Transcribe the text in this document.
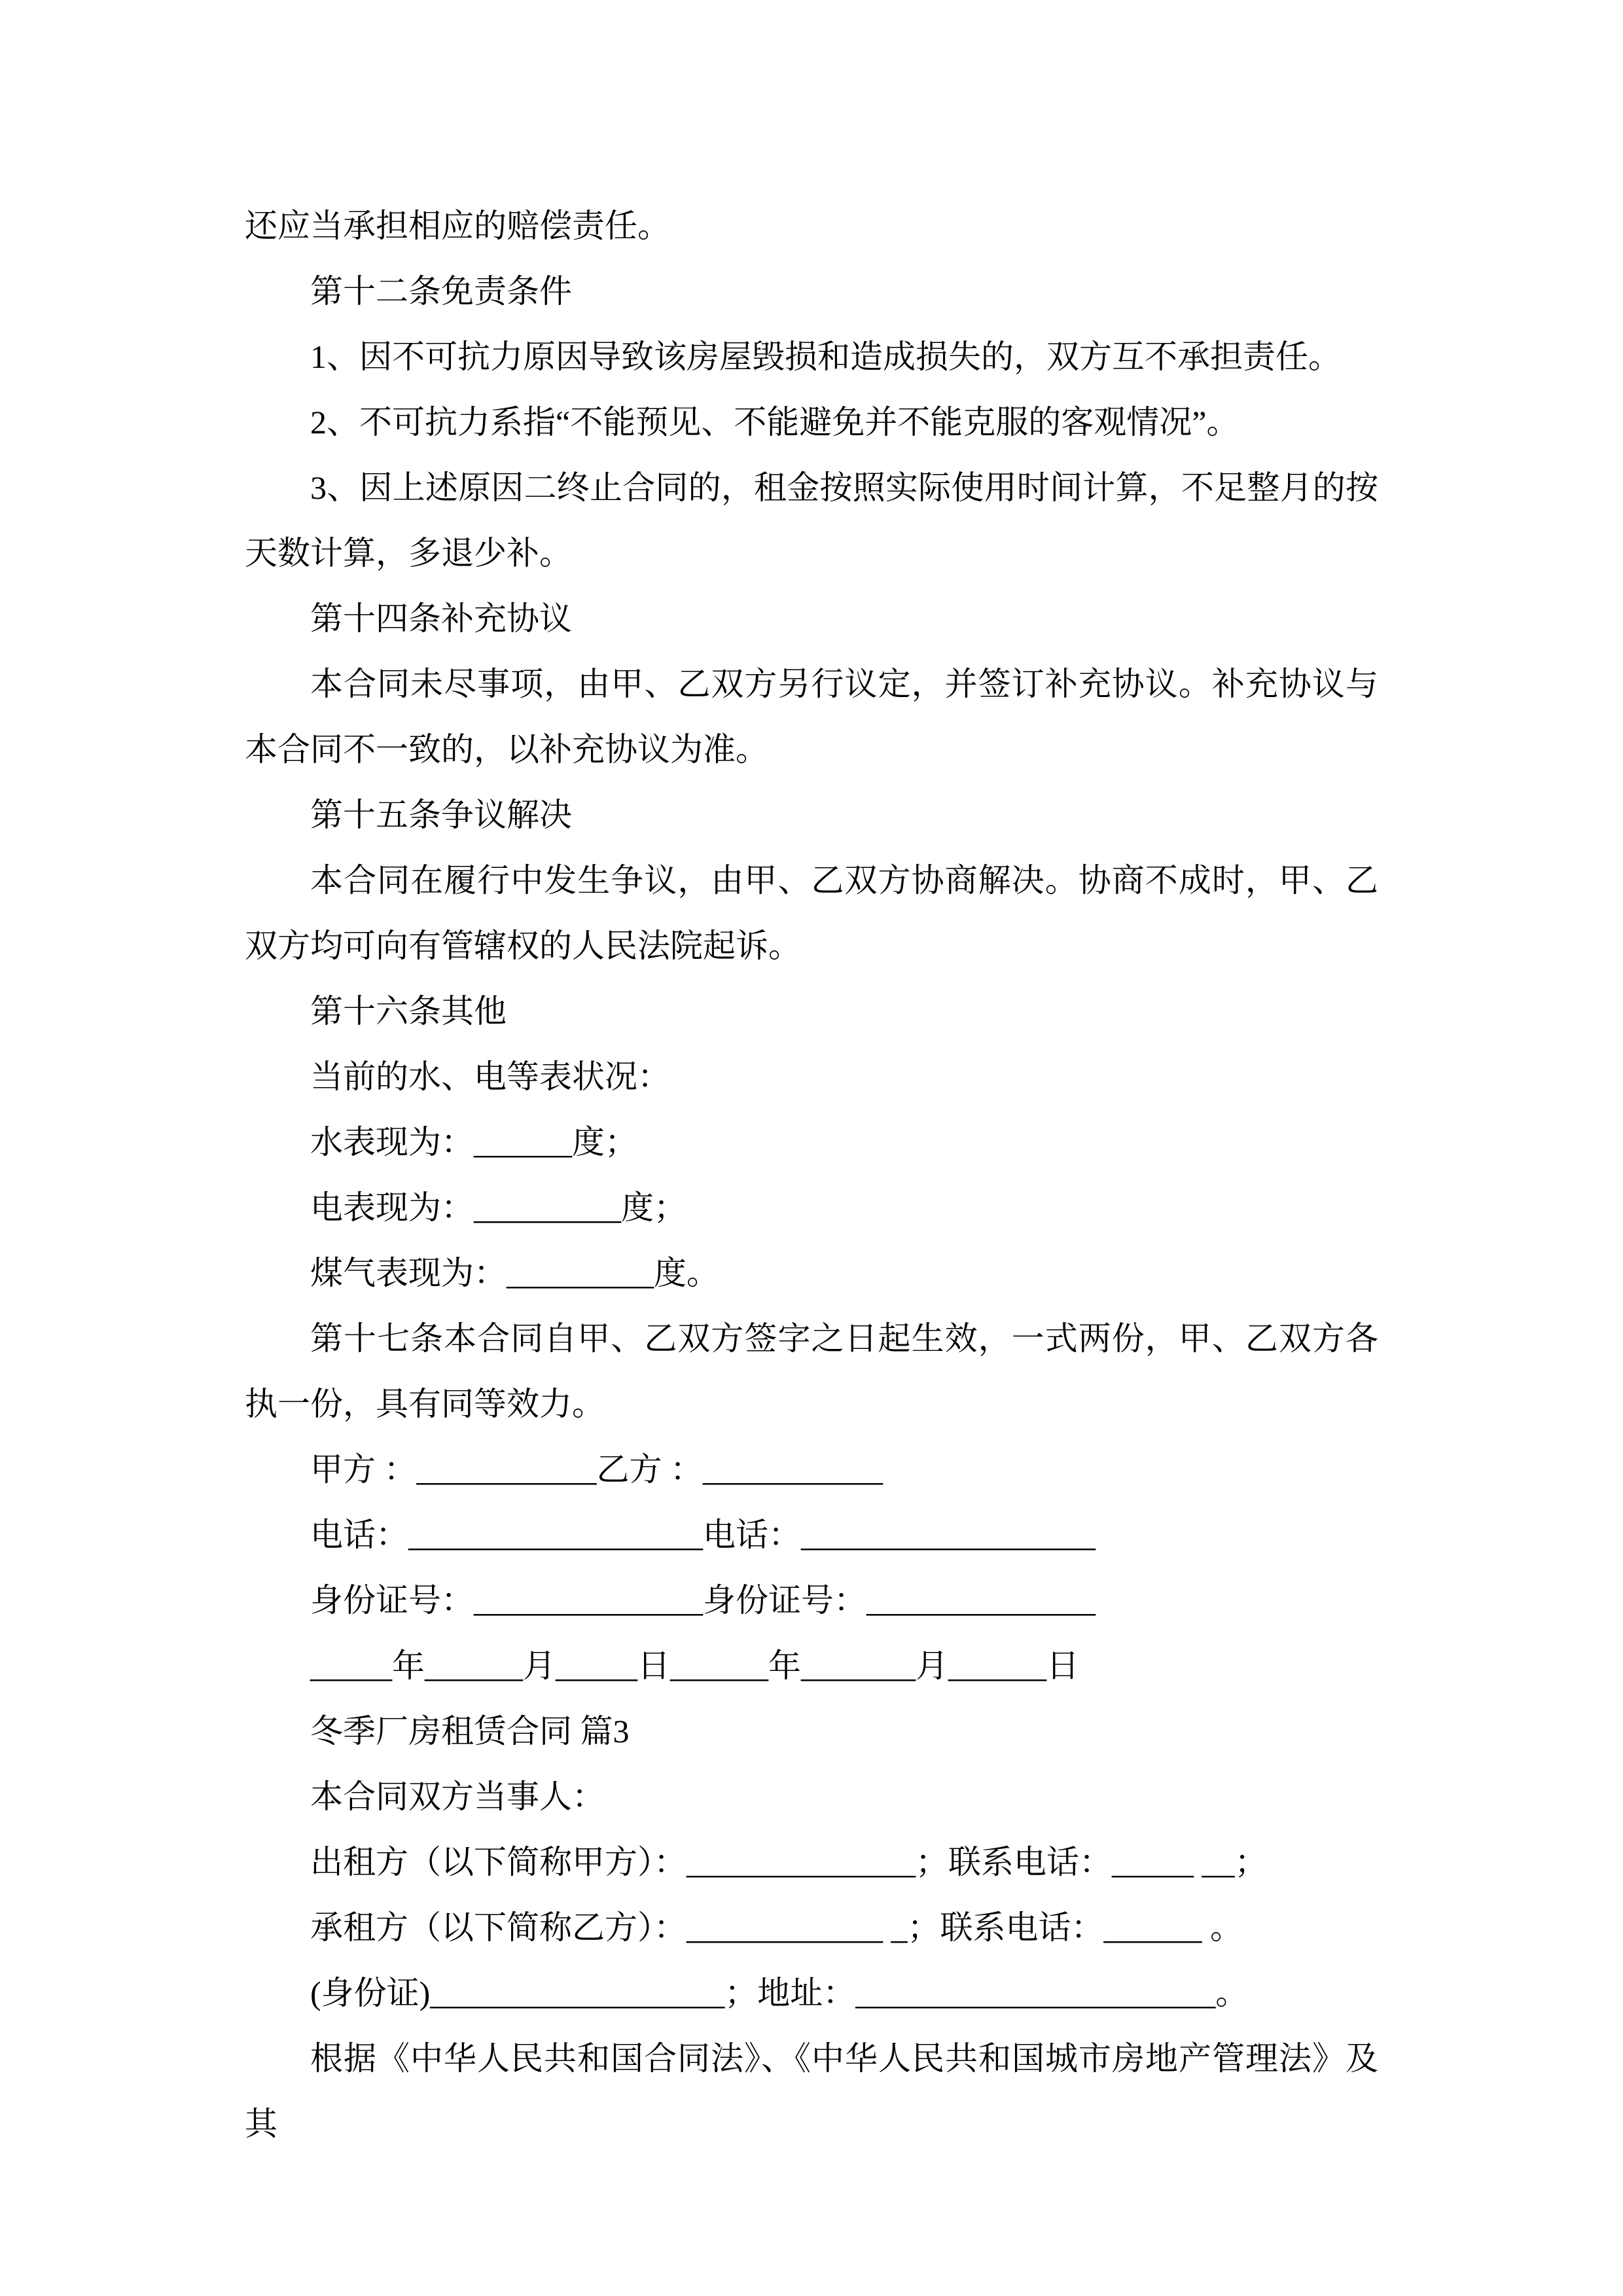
还应当承担相应的赔偿责任。

第十二条免责条件

1、因不可抗力原因导致该房屋毁损和造成损失的，双方互不承担责任。

2、不可抗力系指“不能预见、不能避免并不能克服的客观情况”。

3、因上述原因二终止合同的，租金按照实际使用时间计算，不足整月的按天数计算，多退少补。

第十四条补充协议

本合同未尽事项，由甲、乙双方另行议定，并签订补充协议。补充协议与本合同不一致的，以补充协议为准。

第十五条争议解决

本合同在履行中发生争议，由甲、乙双方协商解决。协商不成时，甲、乙双方均可向有管辖权的人民法院起诉。

第十六条其他

当前的水、电等表状况：

水表现为：______度；

电表现为：_________度；

煤气表现为：_________度。

第十七条本合同自甲、乙双方签字之日起生效，一式两份，甲、乙双方各执一份，具有同等效力。

甲方 ：___________乙方 ：___________

电话：__________________电话：__________________

身份证号：______________身份证号：______________

_____年______月_____日______年_______月______日

冬季厂房租赁合同 篇3

本合同双方当事人：

出租方（以下简称甲方）：______________；联系电话：_____ __；

承租方（以下简称乙方）：____________ _；联系电话：______ 。

(身份证)__________________；地址：______________________。

根据《中华人民共和国合同法》、《中华人民共和国城市房地产管理法》及其
